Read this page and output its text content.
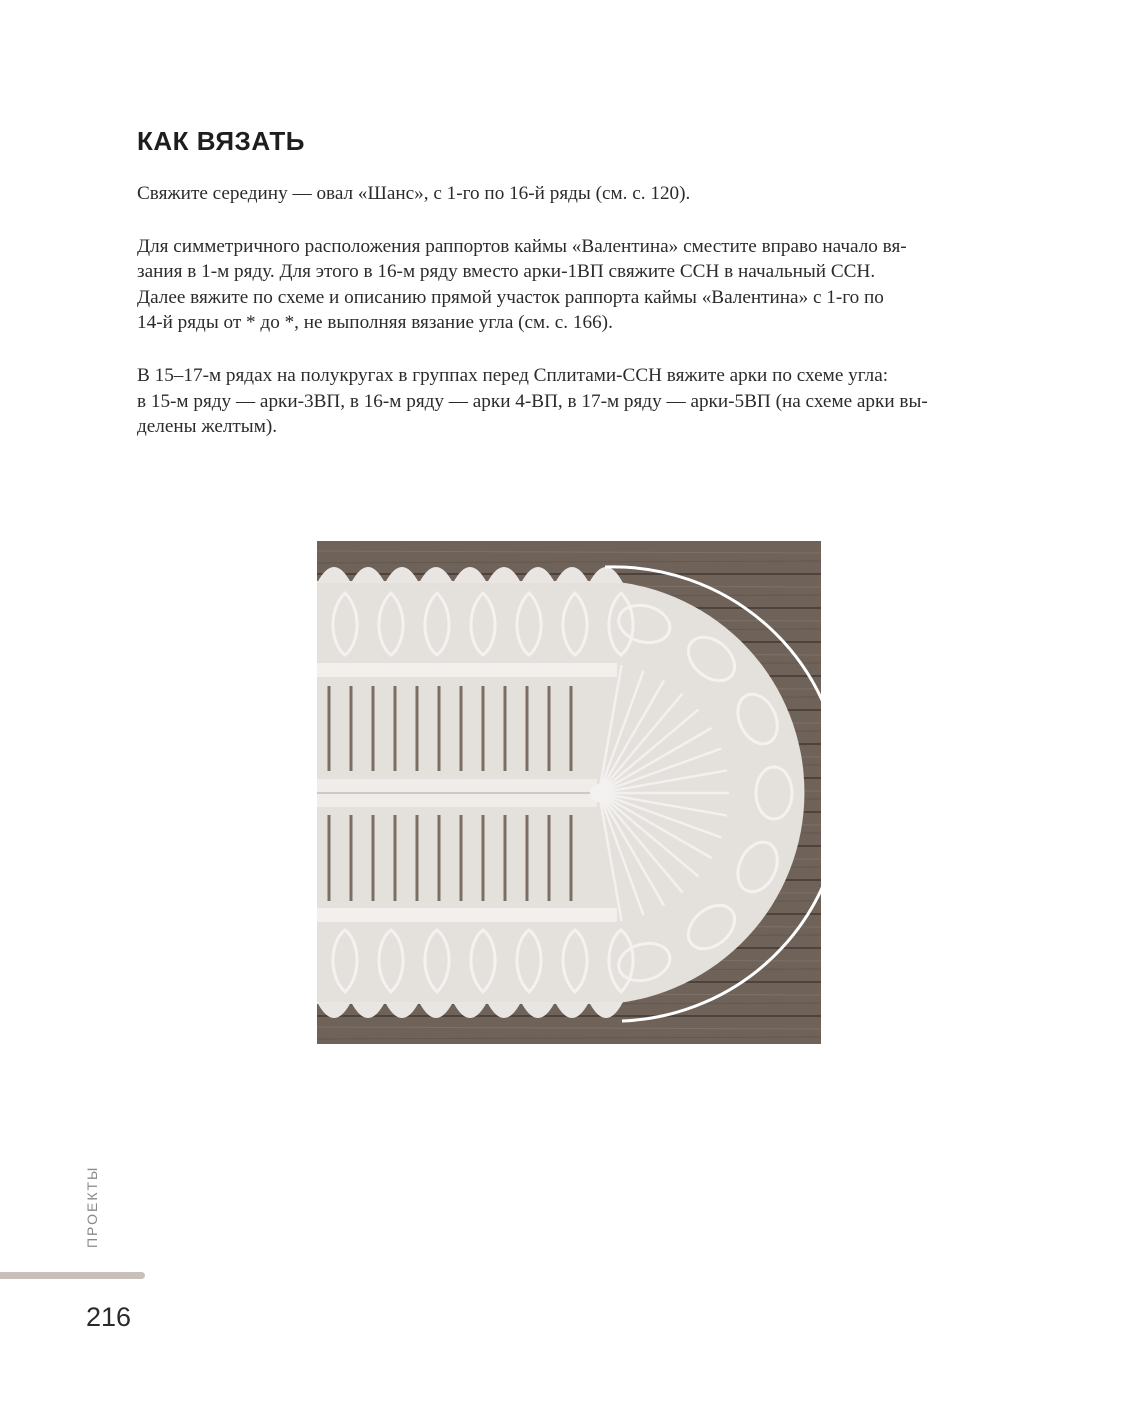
КАК ВЯЗАТЬ

Свяжите середину — овал «Шанс», с 1-го по 16-й ряды (см. с. 120).

Для симметричного расположения раппортов каймы «Валентина» сместите вправо начало вя-
зания в 1-м ряду. Для этого в 16-м ряду вместо арки-1ВП свяжите ССН в начальный ССН.
Далее вяжите по схеме и описанию прямой участок раппорта каймы «Валентина» с 1-го по
14-й ряды от * до *, не выполняя вязание угла (см. с. 166).

В 15–17-м рядах на полукругах в группах перед Сплитами-ССН вяжите арки по схеме угла:
в 15-м ряду — арки-3ВП, в 16-м ряду — арки 4-ВП, в 17-м ряду — арки-5ВП (на схеме арки вы-
делены желтым).

ПРОЕКТЫ
216
